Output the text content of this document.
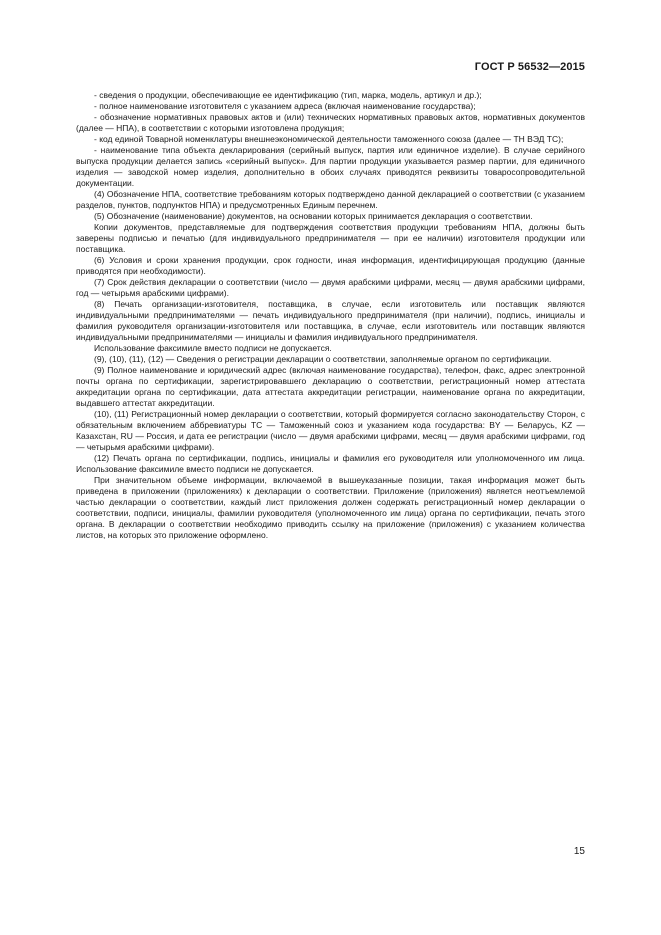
ГОСТ Р 56532—2015

- сведения о продукции, обеспечивающие ее идентификацию (тип, марка, модель, артикул и др.);

- полное наименование изготовителя с указанием адреса (включая наименование государства);

- обозначение нормативных правовых актов и (или) технических нормативных правовых актов, нормативных документов (далее — НПА), в соответствии с которыми изготовлена продукция;

- код единой Товарной номенклатуры внешнеэкономической деятельности таможенного союза (далее — ТН ВЭД ТС);

- наименование типа объекта декларирования (серийный выпуск, партия или единичное изделие). В случае серийного выпуска продукции делается запись «серийный выпуск». Для партии продукции указывается размер партии, для единичного изделия — заводской номер изделия, дополнительно в обоих случаях приводятся реквизиты товаросопроводительной документации.

(4) Обозначение НПА, соответствие требованиям которых подтверждено данной декларацией о соответствии (с указанием разделов, пунктов, подпунктов НПА) и предусмотренных Единым перечнем.

(5) Обозначение (наименование) документов, на основании которых принимается декларация о соответствии.

Копии документов, представляемые для подтверждения соответствия продукции требованиям НПА, должны быть заверены подписью и печатью (для индивидуального предпринимателя — при ее наличии) изготовителя продукции или поставщика.

(6) Условия и сроки хранения продукции, срок годности, иная информация, идентифицирующая продукцию (данные приводятся при необходимости).

(7) Срок действия декларации о соответствии (число — двумя арабскими цифрами, месяц — двумя арабскими цифрами, год — четырьмя арабскими цифрами).

(8) Печать организации-изготовителя, поставщика, в случае, если изготовитель или поставщик являются индивидуальными предпринимателями — печать индивидуального предпринимателя (при наличии), подпись, инициалы и фамилия руководителя организации-изготовителя или поставщика, в случае, если изготовитель или поставщик являются индивидуальными предпринимателями — инициалы и фамилия индивидуального предпринимателя.

Использование факсимиле вместо подписи не допускается.

(9), (10), (11), (12) — Сведения о регистрации декларации о соответствии, заполняемые органом по сертификации.

(9) Полное наименование и юридический адрес (включая наименование государства), телефон, факс, адрес электронной почты органа по сертификации, зарегистрировавшего декларацию о соответствии, регистрационный номер аттестата аккредитации органа по сертификации, дата аттестата аккредитации регистрации, наименование органа по аккредитации, выдавшего аттестат аккредитации.

(10), (11) Регистрационный номер декларации о соответствии, который формируется согласно законодательству Сторон, с обязательным включением аббревиатуры ТС — Таможенный союз и указанием кода государства: BY — Беларусь, KZ — Казахстан, RU — Россия, и дата ее регистрации (число — двумя арабскими цифрами, месяц — двумя арабскими цифрами, год — четырьмя арабскими цифрами).

(12) Печать органа по сертификации, подпись, инициалы и фамилия его руководителя или уполномоченного им лица. Использование факсимиле вместо подписи не допускается.

При значительном объеме информации, включаемой в вышеуказанные позиции, такая информация может быть приведена в приложении (приложениях) к декларации о соответствии. Приложение (приложения) является неотъемлемой частью декларации о соответствии, каждый лист приложения должен содержать регистрационный номер декларации о соответствии, подписи, инициалы, фамилии руководителя (уполномоченного им лица) органа по сертификации, печать этого органа. В декларации о соответствии необходимо приводить ссылку на приложение (приложения) с указанием количества листов, на которых это приложение оформлено.

15
